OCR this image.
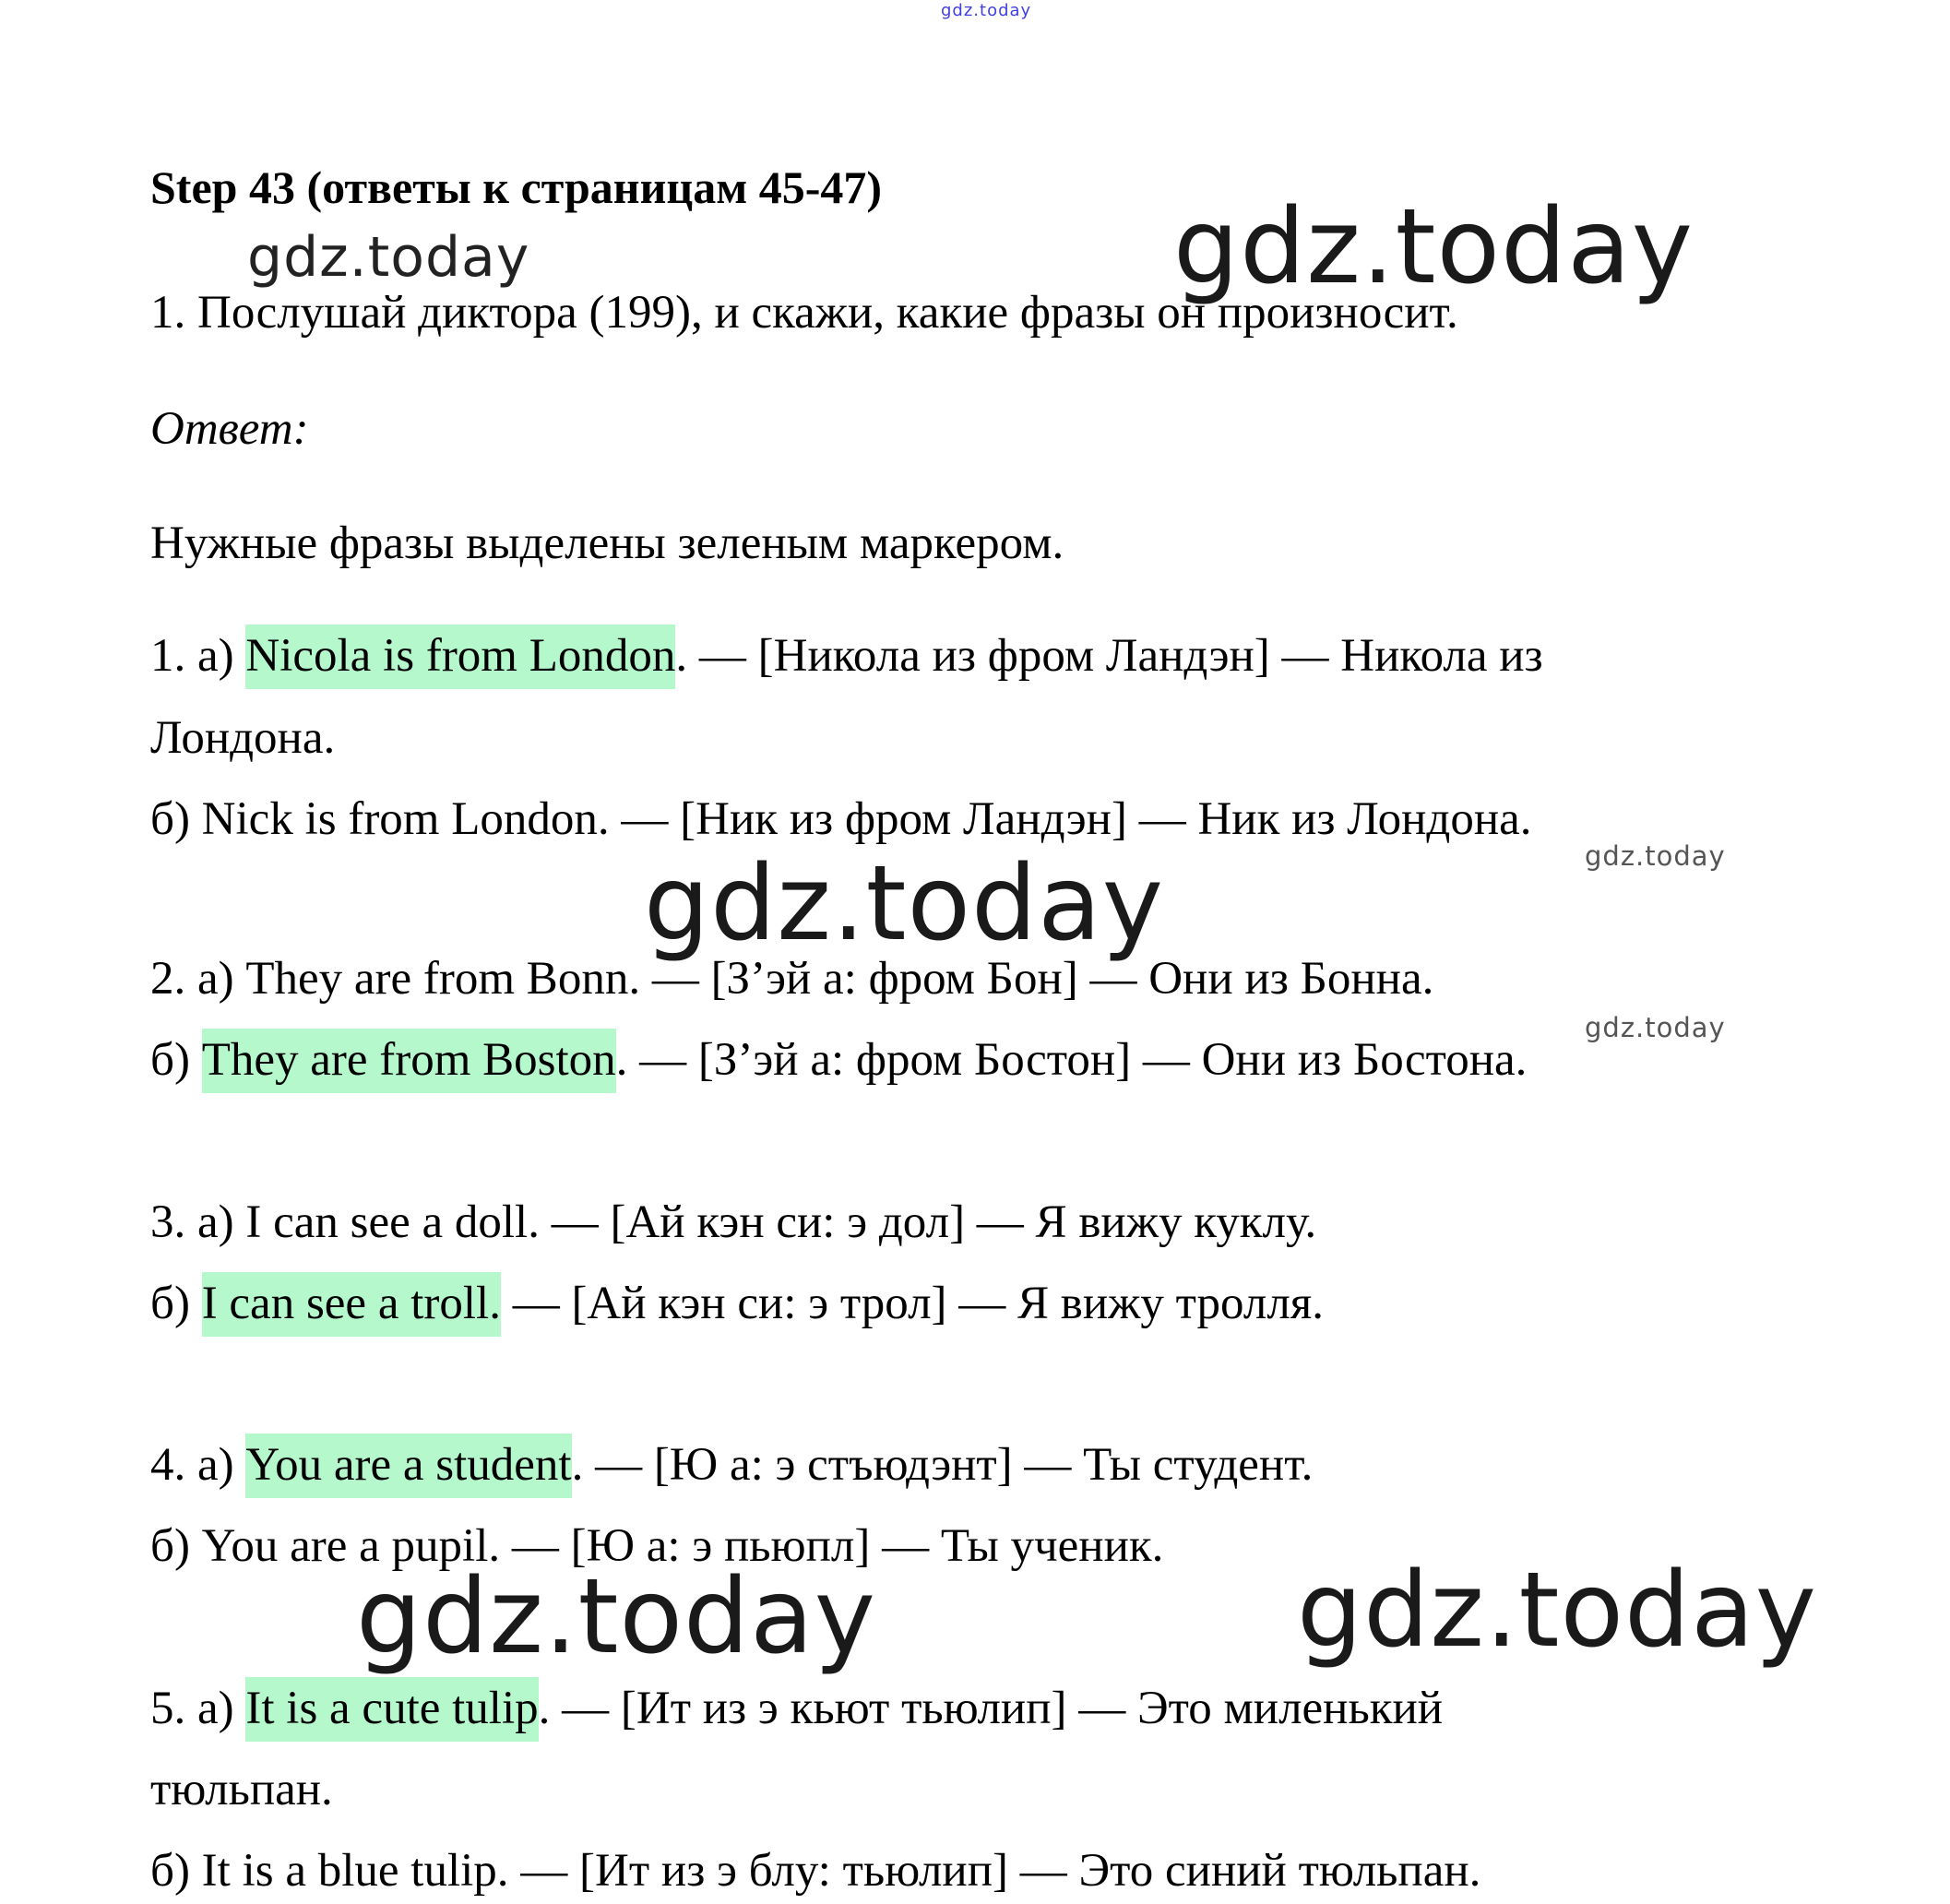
gdz.today
Step 43 (ответы к страницам 45-47)
gdz.today	gdz.today
1. Послушай диктора (199), и скажи, какие фразы он произносит.
Ответ:
Нужные фразы выделены зеленым маркером.
1. а) Nicola is from London. — [Никола из фром Ландэн] — Никола из
Лондона.
б) Nick is from London. — [Ник из фром Ландэн] — Ник из Лондона.
gdz.today
gdz.today
2. а) They are from Bonn. — [З’эй а: фром Бон] — Они из Бонна.
gdz.today
б) They are from Boston. — [З’эй а: фром Бостон] — Они из Бостона.
3. а) I can see a doll. — [Ай кэн си: э дол] — Я вижу куклу.
б) I can see a troll. — [Ай кэн си: э трол] — Я вижу тролля.
4. а) You are a student. — [Ю а: э стъюдэнт] — Ты студент.
б) You are a pupil. — [Ю а: э пьюпл] — Ты ученик.
gdz.today	gdz.today
5. а) It is a cute tulip. — [Ит из э кьют тьюлип] — Это миленький
тюльпан.
б) It is a blue tulip. — [Ит из э блу: тьюлип] — Это синий тюльпан.
